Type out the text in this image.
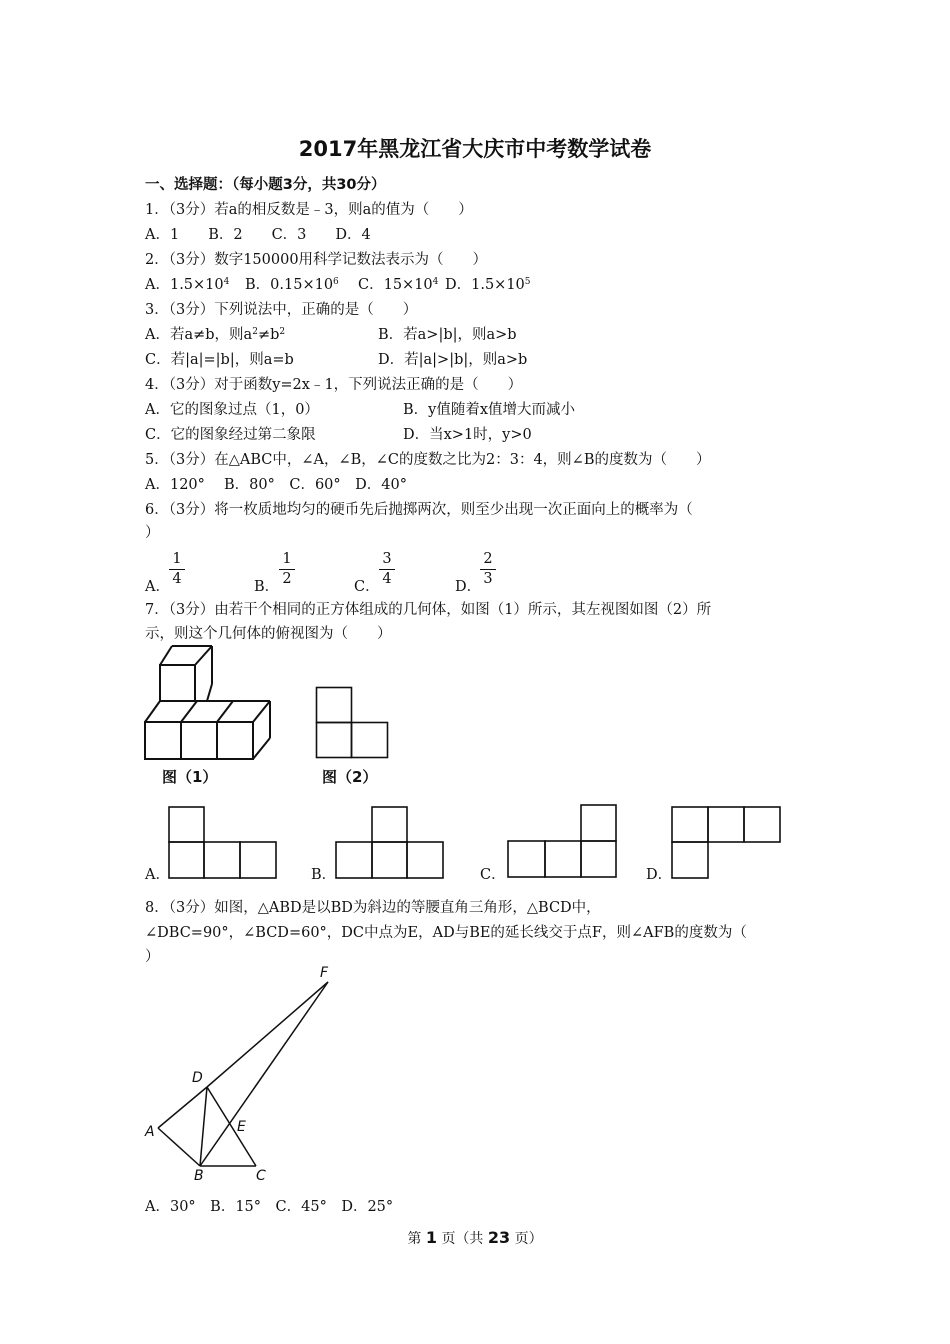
2017年黑龙江省大庆市中考数学试卷
一、选择题：（每小题3分，共30分）
1．（3分）若a的相反数是﹣3，则a的值为（　　）
A．1　　B．2　　C．3　　D．4
2．（3分）数字150000用科学记数法表示为（　　）
A．$1.5\times 10^4$ B．$0.15\times 10^6$ C．$15\times 10^4$ D．$1.5\times 10^5$
3．（3分）下列说法中，正确的是（　　）
A．若a≠b，则$a^2\ne b^2$	B．若a>|b|，则a>b
C．若|a|=|b|，则a=b	D．若|a|>|b|，则a>b
4．（3分）对于函数y=2x﹣1，下列说法正确的是（　　）
A．它的图象过点（1，0）	B．y值随着x值增大而减小
C．它的图象经过第二象限	D．当x>1时，y>0
5．（3分）在△ABC中，∠A，∠B，∠C的度数之比为2：3：4，则∠B的度数为（　　）
A．120°　 B．80°　C．60°　D．40°
6．（3分）将一枚质地均匀的硬币先后抛掷两次，则至少出现一次正面向上的概率为（
）
A．
1
4	B．
1
2	C．
3
4	D．
2
3
7．（3分）由若干个相同的正方体组成的几何体，如图（1）所示，其左视图如图（2）所
示，则这个几何体的俯视图为（　　）
图（1）	图（2）
A．	B．	C．	D．
8．（3分）如图，△ABD是以BD为斜边的等腰直角三角形，△BCD中，
∠DBC=90°，∠BCD=60°，DC中点为E，AD与BE的延长线交于点F，则∠AFB的度数为（
）
F
D
A	E
B	C
A．30°　B．15°　C．45°　D．25°
第 1 页（共 23 页）
